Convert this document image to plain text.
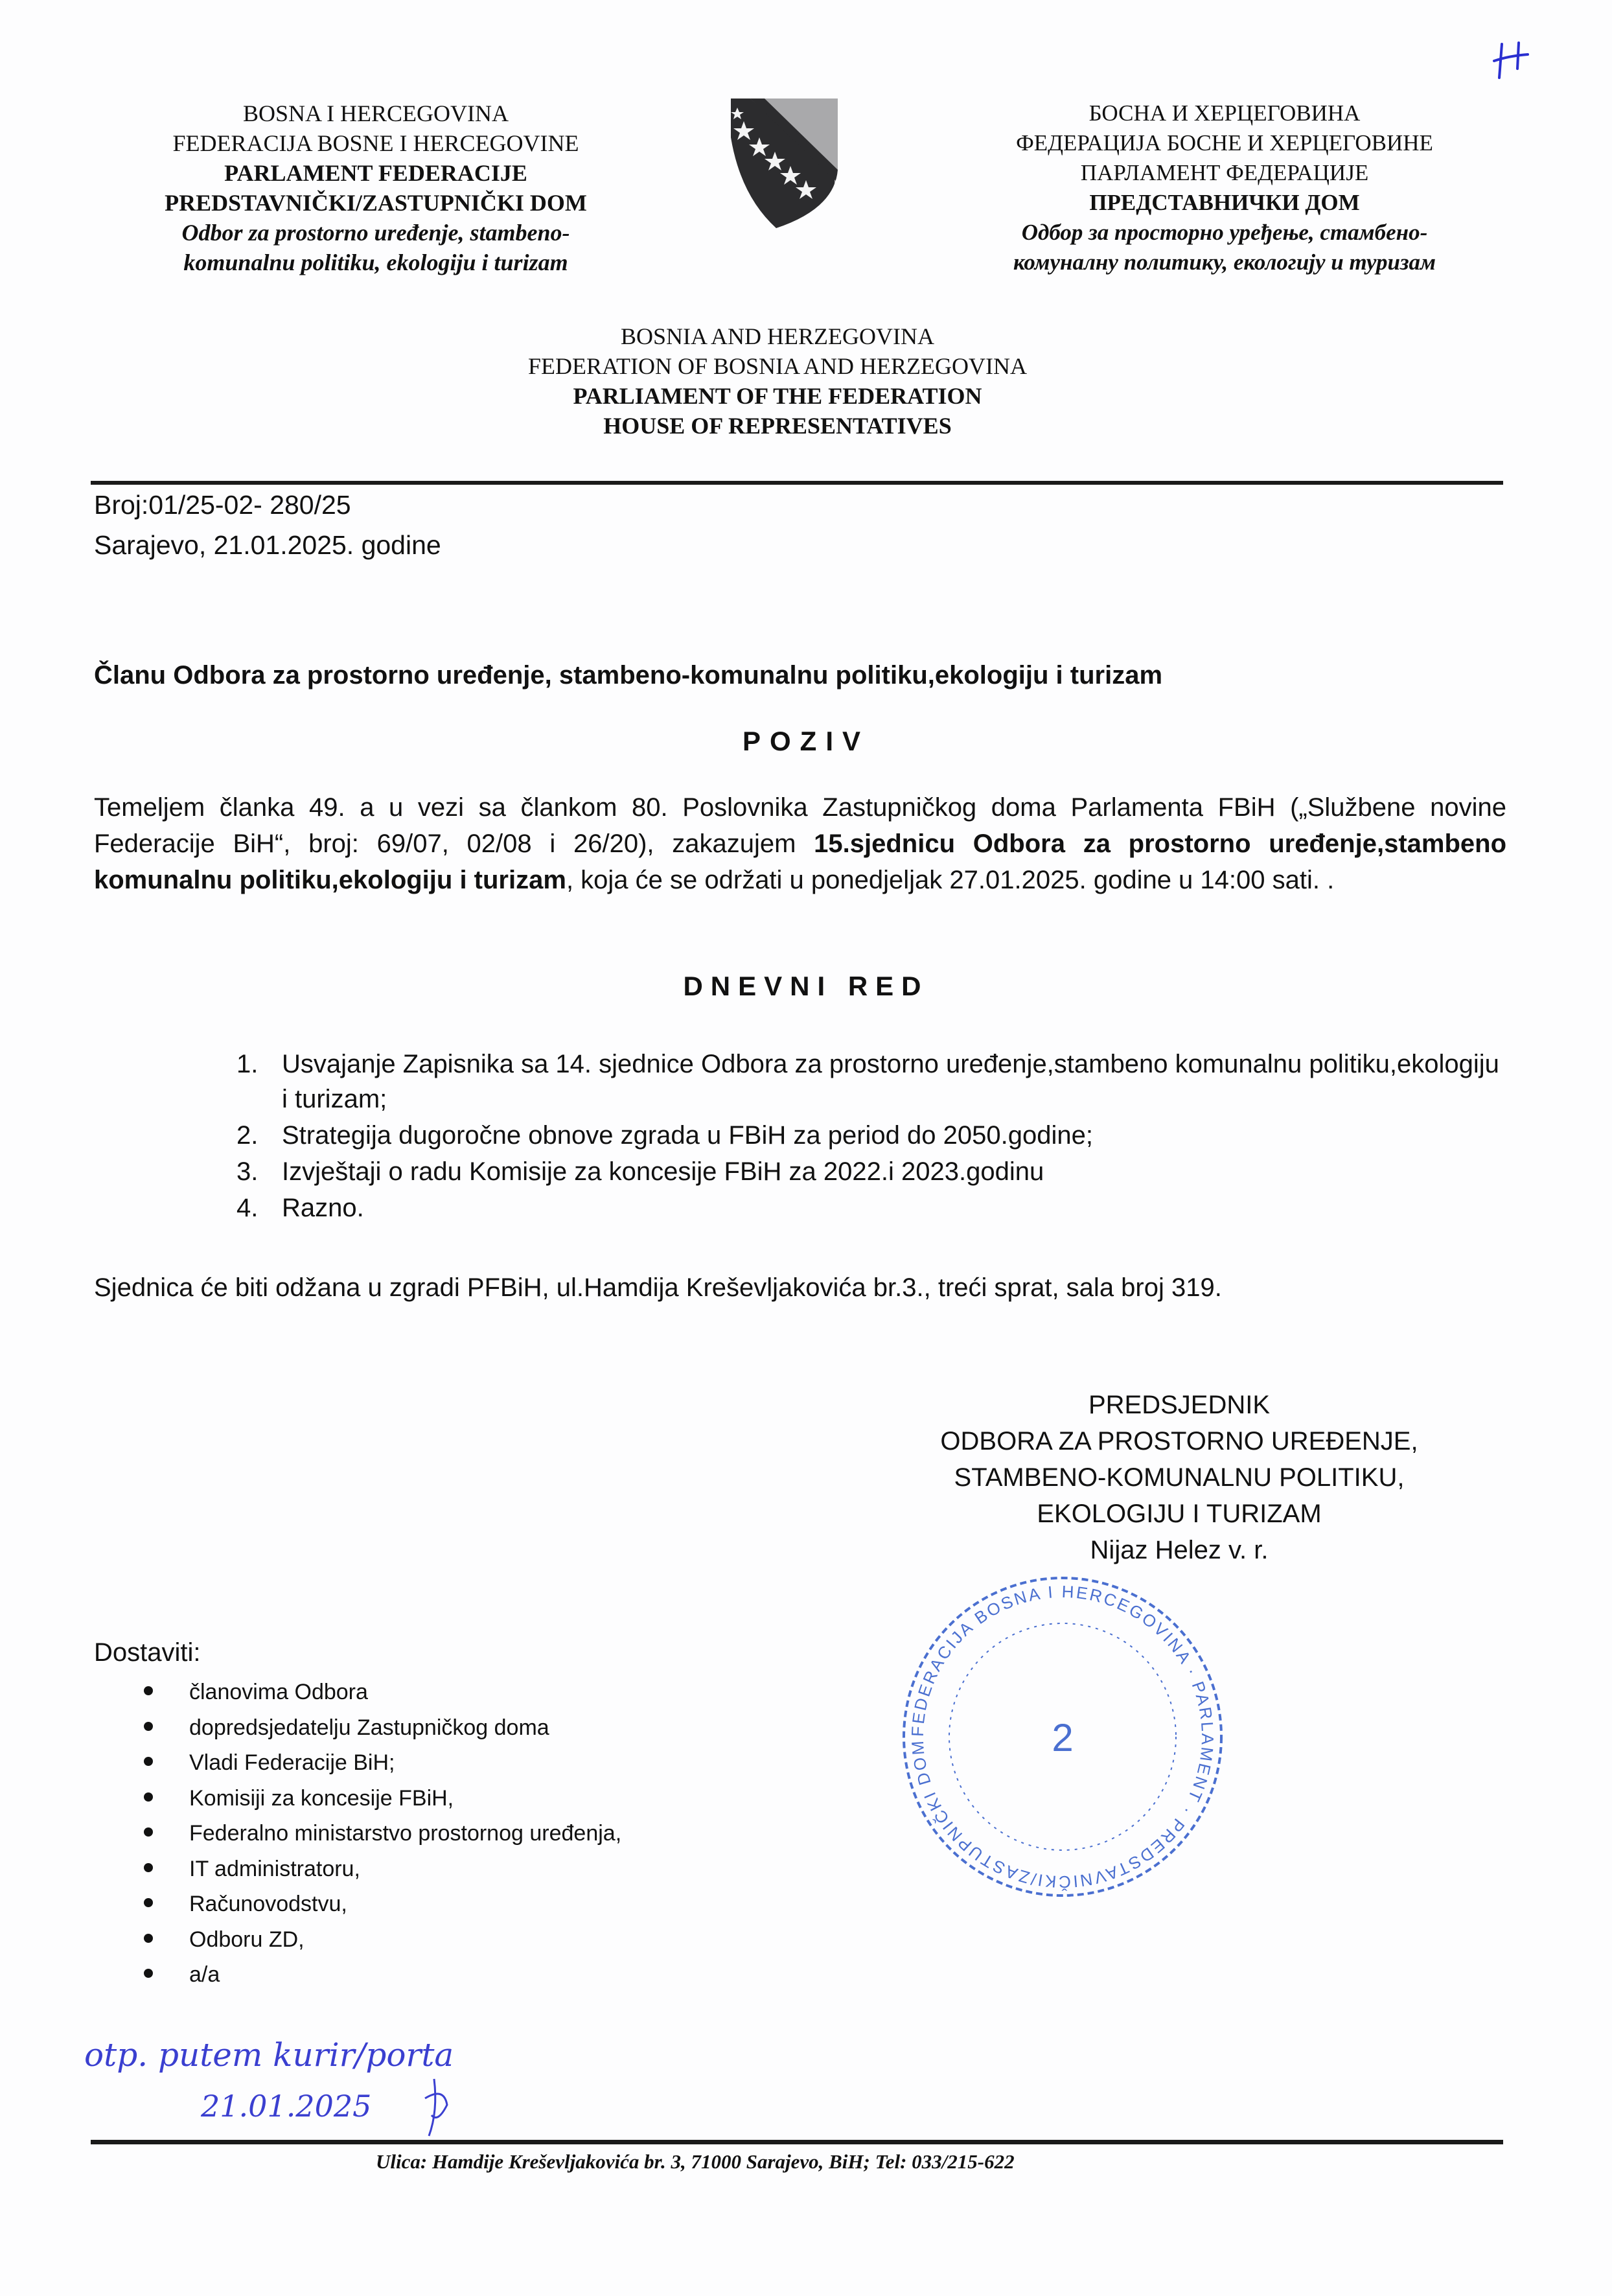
BOSNA I HERCEGOVINA
FEDERACIJA BOSNE I HERCEGOVINE
PARLAMENT FEDERACIJE
PREDSTAVNIČKI/ZASTUPNIČKI DOM
Odbor za prostorno uređenje, stambeno-
komunalnu politiku, ekologiju i turizam
БОСНА И ХЕРЦЕГОВИНА
ФЕДЕРАЦИЈА БОСНЕ И ХЕРЦЕГОВИНЕ
ПАРЛАМЕНТ ФЕДЕРАЦИЈЕ
ПРЕДСТАВНИЧКИ ДОМ
Одбор за просторно уређење, стамбено-
комуналну политику, екологију и туризам
BOSNIA AND HERZEGOVINA
FEDERATION OF BOSNIA AND HERZEGOVINA
PARLIAMENT OF THE FEDERATION
HOUSE OF REPRESENTATIVES
Broj:01/25-02- 280/25
Sarajevo, 21.01.2025. godine
Članu Odbora za prostorno uređenje, stambeno-komunalnu politiku,ekologiju i turizam
POZIV
Temeljem članka 49. a u vezi sa člankom 80. Poslovnika Zastupničkog doma Parlamenta FBiH („Službene novine Federacije BiH“, broj: 69/07, 02/08 i 26/20), zakazujem 15.sjednicu Odbora za prostorno uređenje,stambeno komunalnu politiku,ekologiju i turizam, koja će se održati u ponedjeljak 27.01.2025. godine u 14:00 sati. .
DNEVNI RED
1. Usvajanje Zapisnika sa 14. sjednice Odbora za prostorno uređenje,stambeno komunalnu politiku,ekologiju i turizam;
2. Strategija dugoročne obnove zgrada u FBiH za period do 2050.godine;
3. Izvještaji o radu Komisije za koncesije FBiH za 2022.i 2023.godinu
4. Razno.
Sjednica će biti odžana u zgradi PFBiH, ul.Hamdija Kreševljakovića br.3., treći sprat, sala broj 319.
PREDSJEDNIK
ODBORA ZA PROSTORNO UREĐENJE,
STAMBENO-KOMUNALNU POLITIKU,
EKOLOGIJU I TURIZAM
Nijaz Helez v. r.
FEDERACIJA BOSNA I HERCEGOVINA · PARLAMENT · PREDSTAVNIČKI/ZASTUPNIČKI DOM	2
Dostaviti:
članovima Odbora
dopredsjedatelju Zastupničkog doma
Vladi Federacije BiH;
Komisiji za koncesije FBiH,
Federalno ministarstvo prostornog uređenja,
IT administratoru,
Računovodstvu,
Odboru ZD,
a/a
otp. putem kurir/porta
21.01.2025
Ulica: Hamdije Kreševljakovića br. 3, 71000 Sarajevo, BiH; Tel: 033/215-622
